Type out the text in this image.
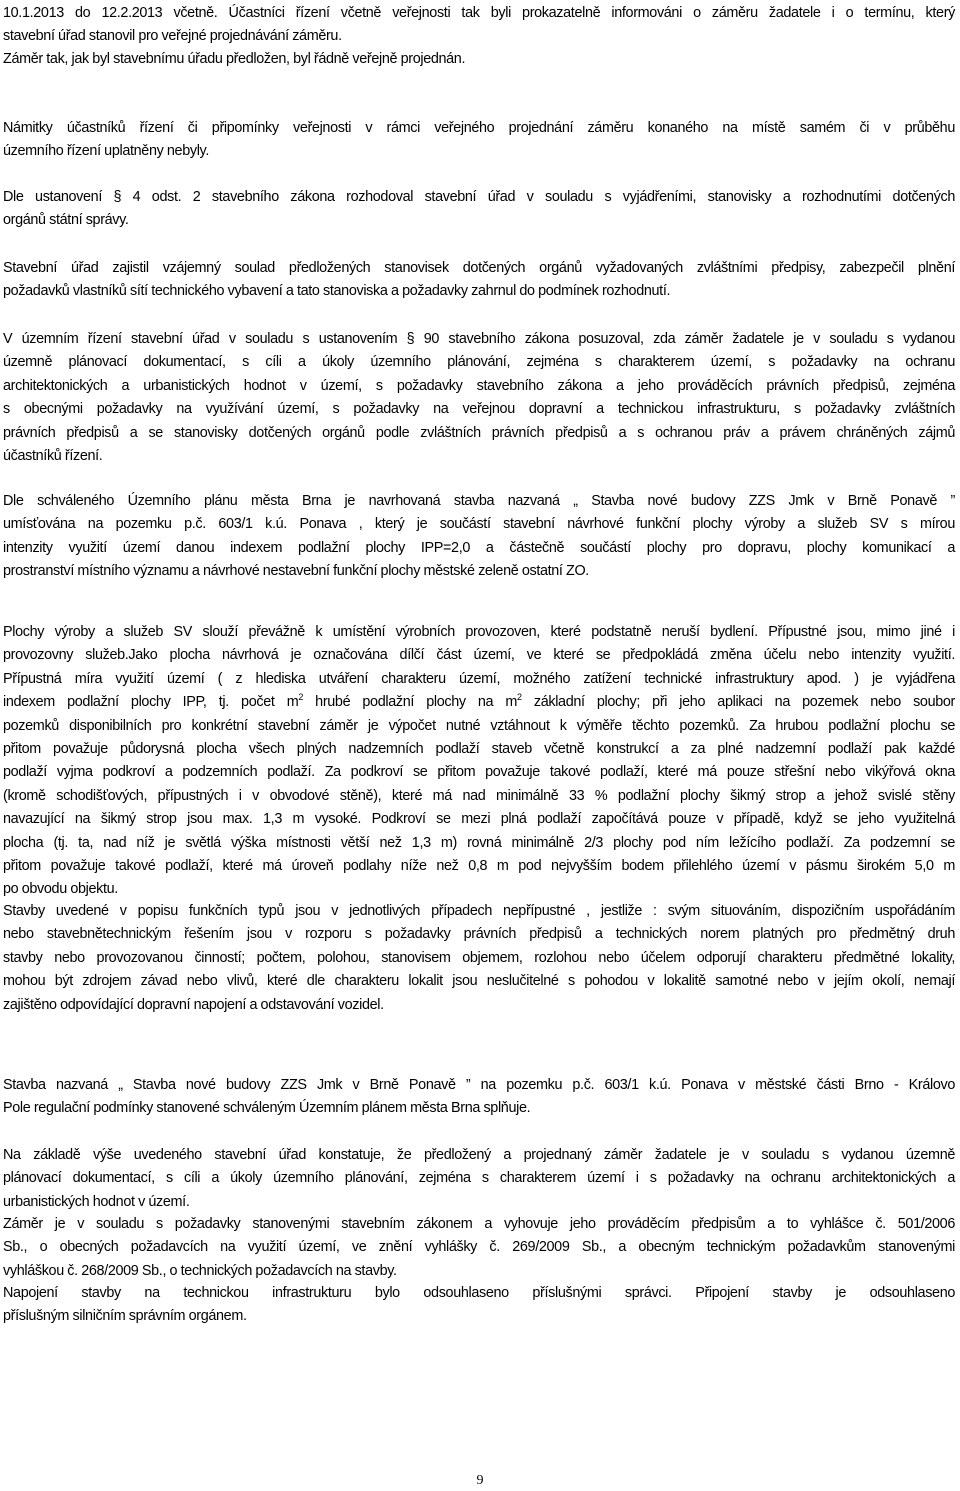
10.1.2013 do 12.2.2013 včetně. Účastníci řízení včetně veřejnosti tak byli prokazatelně informováni o záměru žadatele i o termínu, který
stavební úřad stanovil pro veřejné projednávání záměru.
Záměr tak, jak byl stavebnímu úřadu předložen, byl řádně veřejně projednán.
Námitky účastníků řízení či připomínky veřejnosti v rámci veřejného projednání záměru konaného na místě samém či v průběhu
územního řízení uplatněny nebyly.
Dle ustanovení § 4 odst. 2 stavebního zákona rozhodoval stavební úřad v souladu s vyjádřeními, stanovisky a rozhodnutími dotčených
orgánů státní správy.
Stavební úřad zajistil vzájemný soulad předložených stanovisek dotčených orgánů vyžadovaných zvláštními předpisy, zabezpečil plnění
požadavků vlastníků sítí technického vybavení a tato stanoviska a požadavky zahrnul do podmínek rozhodnutí.
V územním řízení stavební úřad v souladu s ustanovením § 90 stavebního zákona posuzoval, zda záměr žadatele je v souladu s vydanou
územně plánovací dokumentací, s cíli a úkoly územního plánování, zejména s charakterem území, s požadavky na ochranu
architektonických a urbanistických hodnot v území, s požadavky stavebního zákona a jeho prováděcích právních předpisů, zejména
s obecnými požadavky na využívání území, s požadavky na veřejnou dopravní a technickou infrastrukturu, s požadavky zvláštních
právních předpisů a se stanovisky dotčených orgánů podle zvláštních právních předpisů a s ochranou práv a právem chráněných zájmů
účastníků řízení.
Dle schváleného Územního plánu města Brna je navrhovaná stavba nazvaná „ Stavba nové budovy ZZS Jmk v Brně Ponavě ”
umísťována na pozemku p.č. 603/1 k.ú. Ponava , který je součástí stavební návrhové funkční plochy výroby a služeb SV s mírou
intenzity využití území danou indexem podlažní plochy IPP=2,0 a částečně součástí plochy pro dopravu, plochy komunikací a
prostranství místního významu a návrhové nestavební funkční plochy městské zeleně ostatní ZO.
Plochy výroby a služeb SV slouží převážně k umístění výrobních provozoven, které podstatně neruší bydlení. Přípustné jsou, mimo jiné i
provozovny služeb.Jako plocha návrhová je označována dílčí část území, ve které se předpokládá změna účelu nebo intenzity využití.
Přípustná míra využití území ( z hlediska utváření charakteru území, možného zatížení technické infrastruktury apod. ) je vyjádřena
indexem podlažní plochy IPP, tj. počet $m^2$ hrubé podlažní plochy na $m^2$ základní plochy; při jeho aplikaci na pozemek nebo soubor
pozemků disponibilních pro konkrétní stavební záměr je výpočet nutné vztáhnout k výměře těchto pozemků. Za hrubou podlažní plochu se
přitom považuje půdorysná plocha všech plných nadzemních podlaží staveb včetně konstrukcí a za plné nadzemní podlaží pak každé
podlaží vyjma podkroví a podzemních podlaží. Za podkroví se přitom považuje takové podlaží, které má pouze střešní nebo vikýřová okna
(kromě schodišťových, přípustných i v obvodové stěně), které má nad minimálně 33 % podlažní plochy šikmý strop a jehož svislé stěny
navazující na šikmý strop jsou max. 1,3 m vysoké. Podkroví se mezi plná podlaží započítává pouze v případě, když se jeho využitelná
plocha (tj. ta, nad níž je světlá výška místnosti větší než 1,3 m) rovná minimálně 2/3 plochy pod ním ležícího podlaží. Za podzemní se
přitom považuje takové podlaží, které má úroveň podlahy níže než 0,8 m pod nejvyšším bodem přilehlého území v pásmu širokém 5,0 m
po obvodu objektu.
Stavby uvedené v popisu funkčních typů jsou v jednotlivých případech nepřípustné , jestliže : svým situováním, dispozičním uspořádáním
nebo stavebnětechnickým řešením jsou v rozporu s požadavky právních předpisů a technických norem platných pro předmětný druh
stavby nebo provozovanou činností; počtem, polohou, stanovisem objemem, rozlohou nebo účelem odporují charakteru předmětné lokality,
mohou být zdrojem závad nebo vlivů, které dle charakteru lokalit jsou neslučitelné s pohodou v lokalitě samotné nebo v jejím okolí, nemají
zajištěno odpovídající dopravní napojení a odstavování vozidel.
Stavba nazvaná „ Stavba nové budovy ZZS Jmk v Brně Ponavě ” na pozemku p.č. 603/1 k.ú. Ponava v městské části Brno - Královo
Pole regulační podmínky stanovené schváleným Územním plánem města Brna splňuje.
Na základě výše uvedeného stavební úřad konstatuje, že předložený a projednaný záměr žadatele je v souladu s vydanou územně
plánovací dokumentací, s cíli a úkoly územního plánování, zejména s charakterem území i s požadavky na ochranu architektonických a
urbanistických hodnot v území.
Záměr je v souladu s požadavky stanovenými stavebním zákonem a vyhovuje jeho prováděcím předpisům a to vyhlášce č. 501/2006
Sb., o obecných požadavcích na využití území, ve znění vyhlášky č. 269/2009 Sb., a obecným technickým požadavkům stanovenými
vyhláškou č. 268/2009 Sb., o technických požadavcích na stavby.
Napojení stavby na technickou infrastrukturu bylo odsouhlaseno příslušnými správci. Připojení stavby je odsouhlaseno
příslušným silničním správním orgánem.
9
